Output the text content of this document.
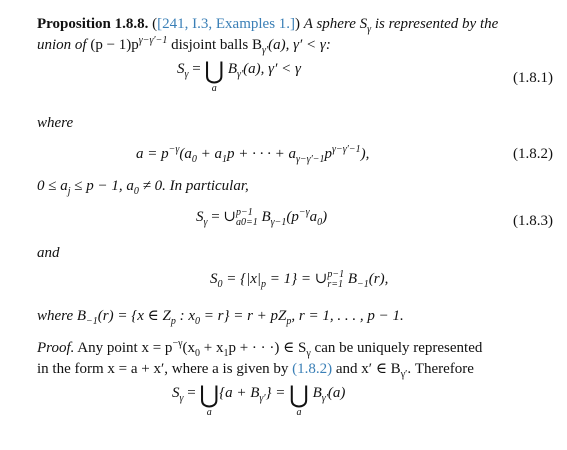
Proposition 1.8.8. ([241, I.3, Examples 1.]) A sphere $S_\gamma$ is represented by the
union of $(p - 1)p^{\gamma-\gamma'-1}$ disjoint balls $B_{\gamma'}(a)$, γ′ < γ:
$S_\gamma$ = ⋃
a
$B_{\gamma'}(a)$, γ′ < γ
(1.8.1)
where
$a = p^{-\gamma}(a_0 + a_1p$ + · · · + $a_{\gamma-\gamma'-1}p^{\gamma-\gamma'-1}$),	(1.8.2)
$0 \le a_j \le p - 1$, $a_0 \ne 0$. In particular,
$S_\gamma$ = ∪ p−1
a0=1 $B_{\gamma-1}(p^{-\gamma}a_0)$	(1.8.3)
and
$S_0 = \{|x|_p = 1\}$ = ∪ p−1
r=1 $B_{-1}(r)$,
where $B_{-1}(r) = \{x$ ∈ $Z_p$ : $x_0 = r\} = r + pZ_p$, r = 1, . . . , p − 1.
Proof. Any point $x = p^{-\gamma}(x_0 + x_1p$ + · · ·) ∈ $S_\gamma$ can be uniquely represented
in the form x = a + x′, where a is given by (1.8.2) and x′ ∈ $B_{\gamma'}$. Therefore
$S_\gamma$ = ⋃
a
$\{a + B_{\gamma'}\}$ = ⋃
a
$B_{\gamma'}(a)$
